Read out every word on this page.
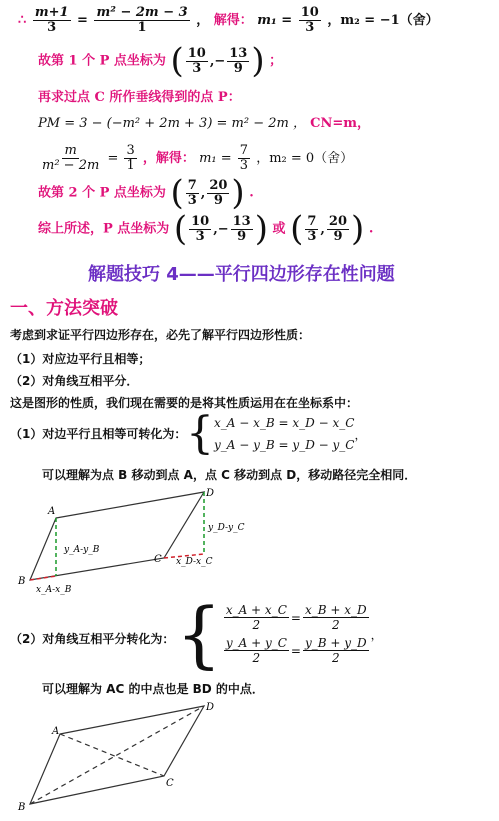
∴ $\frac{m+1}{3} = \frac{\text{m² − 2m − 3}}{1}$ ， 解得： $m_1 = \frac{10}{3}$ ，m₂ = −1（舍）
故第 1 个 P 点坐标为 ( $\frac{10}{3}$ , − $\frac{13}{9}$ ) ；
再求过点 C 所作垂线得到的点 P：
PM = 3 − (−m² + 2m + 3) = m² − 2m ， CN=m，
$\frac{m}{\text{m² − 2m}} = \frac{3}{1}$ ，解得： $m_1 = \frac{7}{3}$ ，m₂ = 0（舍）
故第 2 个 P 点坐标为 ( $\frac{7}{3}$ , $\frac{20}{9}$ ) .
综上所述，P 点坐标为 ( $\frac{10}{3}$ , − $\frac{13}{9}$ ) 或 ( $\frac{7}{3}$ , $\frac{20}{9}$ ) .
解题技巧 4——平行四边形存在性问题
一、方法突破
考虑到求证平行四边形存在，必先了解平行四边形性质：
（1）对应边平行且相等；
（2）对角线互相平分．
这是图形的性质，我们现在需要的是将其性质运用在在坐标系中：
（1）对边平行且相等可转化为： { x_A − x_B = x_D − x_C
y_A − y_B = y_D − y_C
，
可以理解为点 B 移动到点 A，点 C 移动到点 D，移动路径完全相同．
A
D
C
B
y_A-y_B
y_D-y_C
x_A-x_B
x_D-x_C
（2）对角线互相平分转化为： { $\frac{x\_A + x\_C}{2} = \frac{x\_B + x\_D}{2}$
$\frac{y\_A + y\_C}{2} = \frac{y\_B + y\_D}{2}$
，
可以理解为 AC 的中点也是 BD 的中点．
A
D
C
B
